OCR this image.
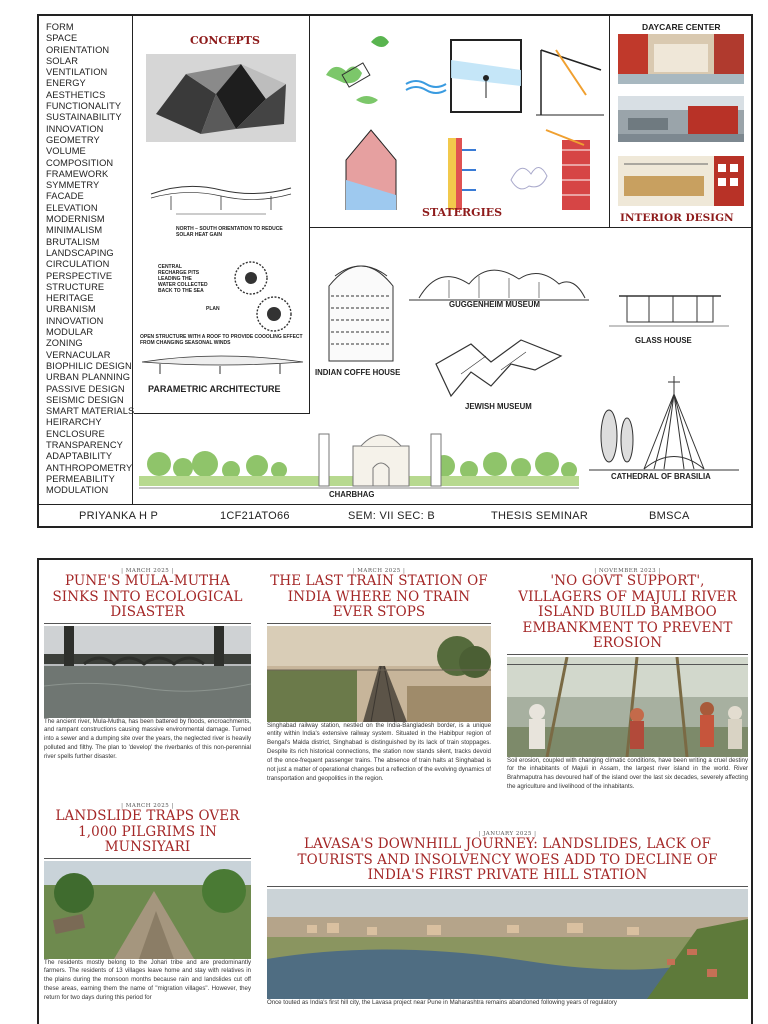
FORM
SPACE
ORIENTATION
SOLAR
VENTILATION
ENERGY
AESTHETICS
FUNCTIONALITY
SUSTAINABILITY
INNOVATION
GEOMETRY
VOLUME
COMPOSITION
FRAMEWORK
SYMMETRY
FACADE
ELEVATION
MODERNISM
MINIMALISM
BRUTALISM
LANDSCAPING
CIRCULATION
PERSPECTIVE
STRUCTURE
HERITAGE
URBANISM
INNOVATION
MODULAR
ZONING
VERNACULAR
BIOPHILIC DESIGN
URBAN PLANNING
PASSIVE DESIGN
SEISMIC DESIGN
SMART MATERIALS
HEIRARCHY
ENCLOSURE
TRANSPARENCY
ADAPTABILITY
ANTHROPOMETRY
PERMEABILITY
MODULATION
CONCEPTS
NORTH – SOUTH ORIENTATION TO REDUCE SOLAR HEAT GAIN
CENTRAL RECHARGE PITS LEADING THE WATER COLLECTED BACK TO THE SEA
PLAN
OPEN STRUCTURE WITH A ROOF TO PROVIDE COOOLING EFFECT FROM CHANGING SEASONAL WINDS
PARAMETRIC ARCHITECTURE
STATERGIES
DAYCARE CENTER
INTERIOR DESIGN
INDIAN COFFE HOUSE
GUGGENHEIM MUSEUM
GLASS HOUSE
JEWISH MUSEUM
CATHEDRAL OF BRASILIA
CHARBHAG
PRIYANKA H P	1CF21ATO66	SEM: VII SEC: B	THESIS SEMINAR	BMSCA
| MARCH 2025 |
PUNE'S MULA-MUTHA SINKS INTO ECOLOGICAL DISASTER
The ancient river, Mula-Mutha, has been battered by floods, encroachments, and rampant constructions causing massive environmental damage. Turned into a sewer and a dumping site over the years, the neglected river is heavily polluted and filthy. The plan to 'develop' the riverbanks of this non-perennial river spells further disaster.
| MARCH 2025 |
THE LAST TRAIN STATION OF INDIA WHERE NO TRAIN EVER STOPS
Singhabad railway station, nestled on the India-Bangladesh border, is a unique entity within India's extensive railway system. Situated in the Habibpur region of Bengal's Malda district, Singhabad is distinguished by its lack of train stoppages. Despite its rich historical connections, the station now stands silent, tracks devoid of the once-frequent passenger trains. The absence of train halts at Singhabad is not just a matter of operational changes but a reflection of the evolving dynamics of transportation and geopolitics in the region.
| NOVEMBER 2023 |
'NO GOVT SUPPORT', VILLAGERS OF MAJULI RIVER ISLAND BUILD BAMBOO EMBANKMENT TO PREVENT EROSION
Soil erosion, coupled with changing climatic conditions, have been writing a cruel destiny for the inhabitants of Majuli in Assam, the largest river island in the world. River Brahmaputra has devoured half of the island over the last six decades, severely affecting the agriculture and livelihood of the inhabitants.
| MARCH 2025 |
LANDSLIDE TRAPS OVER 1,000 PILGRIMS IN MUNSIYARI
The residents mostly belong to the Johari tribe and are predominantly farmers. The residents of 13 villages leave home and stay with relatives in the plains during the monsoon months because rain and landslides cut off these areas, earning them the name of "migration villages". However, they return for two days during this period for
| JANUARY 2025 |
LAVASA'S DOWNHILL JOURNEY: LANDSLIDES, LACK OF TOURISTS AND INSOLVENCY WOES ADD TO DECLINE OF INDIA'S FIRST PRIVATE HILL STATION
Once touted as India's first hill city, the Lavasa project near Pune in Maharashtra remains abandoned following years of regulatory
